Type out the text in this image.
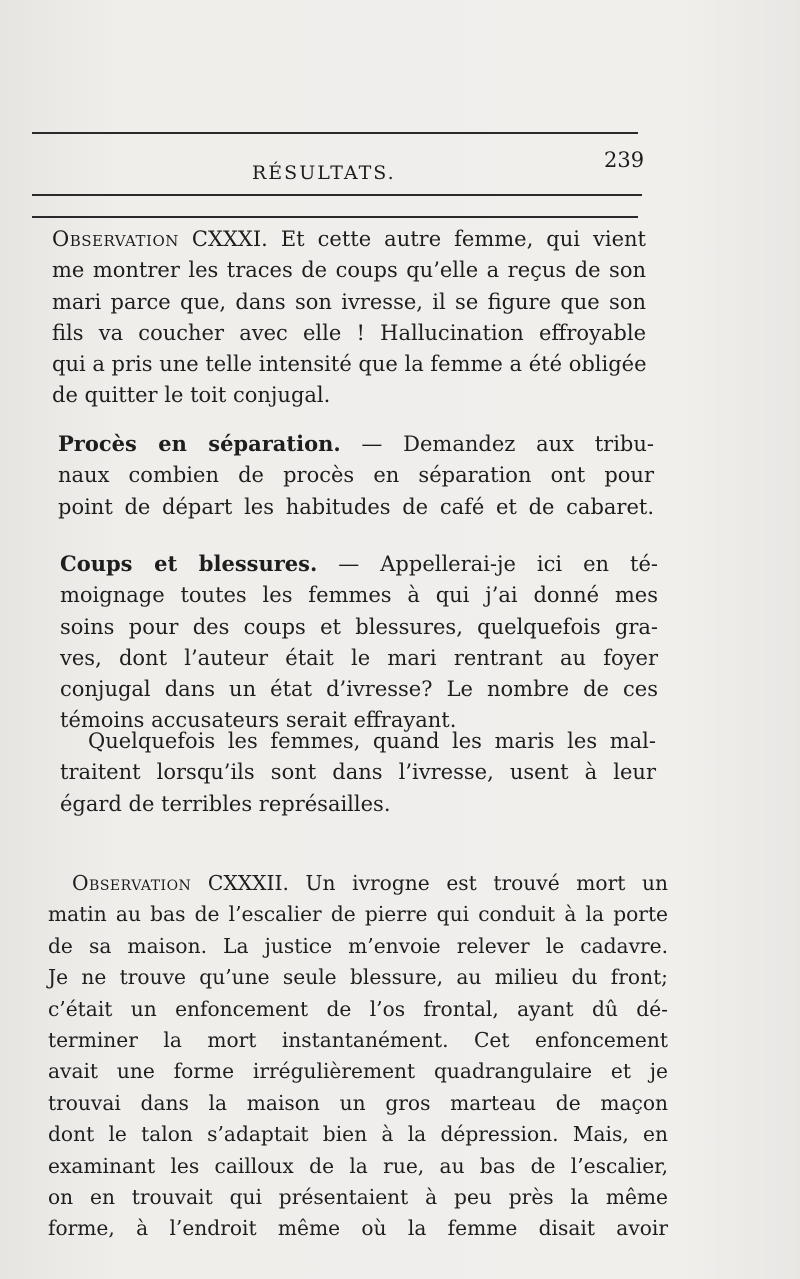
RÉSULTATS.
239
Observation CXXXI. Et cette autre femme, qui vient
me montrer les traces de coups qu’elle a reçus de son
mari parce que, dans son ivresse, il se figure que son
fils va coucher avec elle ! Hallucination effroyable
qui a pris une telle intensité que la femme a été obligée
de quitter le toit conjugal.
Procès en séparation. — Demandez aux tribu-
naux combien de procès en séparation ont pour
point de départ les habitudes de café et de cabaret.
Coups et blessures. — Appellerai-je ici en té-
moignage toutes les femmes à qui j’ai donné mes
soins pour des coups et blessures, quelquefois gra-
ves, dont l’auteur était le mari rentrant au foyer
conjugal dans un état d’ivresse? Le nombre de ces
témoins accusateurs serait effrayant.
Quelquefois les femmes, quand les maris les mal-
traitent lorsqu’ils sont dans l’ivresse, usent à leur
égard de terribles représailles.
Observation CXXXII. Un ivrogne est trouvé mort un
matin au bas de l’escalier de pierre qui conduit à la porte
de sa maison. La justice m’envoie relever le cadavre.
Je ne trouve qu’une seule blessure, au milieu du front;
c’était un enfoncement de l’os frontal, ayant dû dé-
terminer la mort instantanément. Cet enfoncement
avait une forme irrégulièrement quadrangulaire et je
trouvai dans la maison un gros marteau de maçon
dont le talon s’adaptait bien à la dépression. Mais, en
examinant les cailloux de la rue, au bas de l’escalier,
on en trouvait qui présentaient à peu près la même
forme, à l’endroit même où la femme disait avoir
